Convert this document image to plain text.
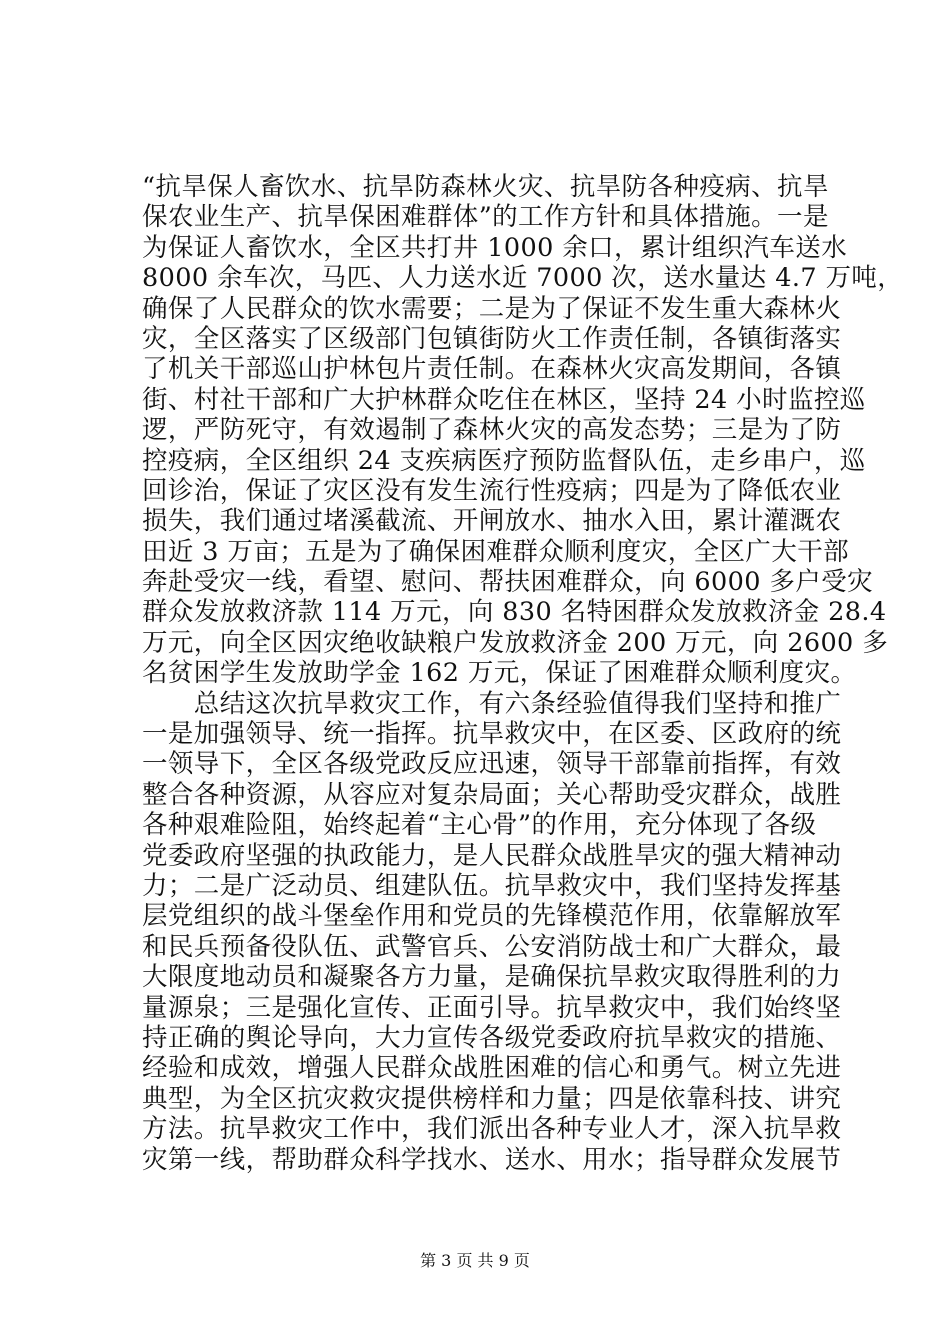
“抗旱保人畜饮水、抗旱防森林火灾、抗旱防各种疫病、抗旱
保农业生产、抗旱保困难群体”的工作方针和具体措施。一是
为保证人畜饮水，全区共打井 1000 余口，累计组织汽车送水
8000 余车次，马匹、人力送水近 7000 次，送水量达 4.7 万吨，
确保了人民群众的饮水需要；二是为了保证不发生重大森林火
灾，全区落实了区级部门包镇街防火工作责任制，各镇街落实
了机关干部巡山护林包片责任制。在森林火灾高发期间，各镇
街、村社干部和广大护林群众吃住在林区，坚持 24 小时监控巡
逻，严防死守，有效遏制了森林火灾的高发态势；三是为了防
控疫病，全区组织 24 支疾病医疗预防监督队伍，走乡串户，巡
回诊治，保证了灾区没有发生流行性疫病；四是为了降低农业
损失，我们通过堵溪截流、开闸放水、抽水入田，累计灌溉农
田近 3 万亩；五是为了确保困难群众顺利度灾，全区广大干部
奔赴受灾一线，看望、慰问、帮扶困难群众，向 6000 多户受灾
群众发放救济款 114 万元，向 830 名特困群众发放救济金 28.4
万元，向全区因灾绝收缺粮户发放救济金 200 万元，向 2600 多
名贫困学生发放助学金 162 万元，保证了困难群众顺利度灾。
　　总结这次抗旱救灾工作，有六条经验值得我们坚持和推广
一是加强领导、统一指挥。抗旱救灾中，在区委、区政府的统
一领导下，全区各级党政反应迅速，领导干部靠前指挥，有效
整合各种资源，从容应对复杂局面；关心帮助受灾群众，战胜
各种艰难险阻，始终起着“主心骨”的作用，充分体现了各级
党委政府坚强的执政能力，是人民群众战胜旱灾的强大精神动
力；二是广泛动员、组建队伍。抗旱救灾中，我们坚持发挥基
层党组织的战斗堡垒作用和党员的先锋模范作用，依靠解放军
和民兵预备役队伍、武警官兵、公安消防战士和广大群众，最
大限度地动员和凝聚各方力量，是确保抗旱救灾取得胜利的力
量源泉；三是强化宣传、正面引导。抗旱救灾中，我们始终坚
持正确的舆论导向，大力宣传各级党委政府抗旱救灾的措施、
经验和成效，增强人民群众战胜困难的信心和勇气。树立先进
典型，为全区抗灾救灾提供榜样和力量；四是依靠科技、讲究
方法。抗旱救灾工作中，我们派出各种专业人才，深入抗旱救
灾第一线，帮助群众科学找水、送水、用水；指导群众发展节
第 3 页 共 9 页
